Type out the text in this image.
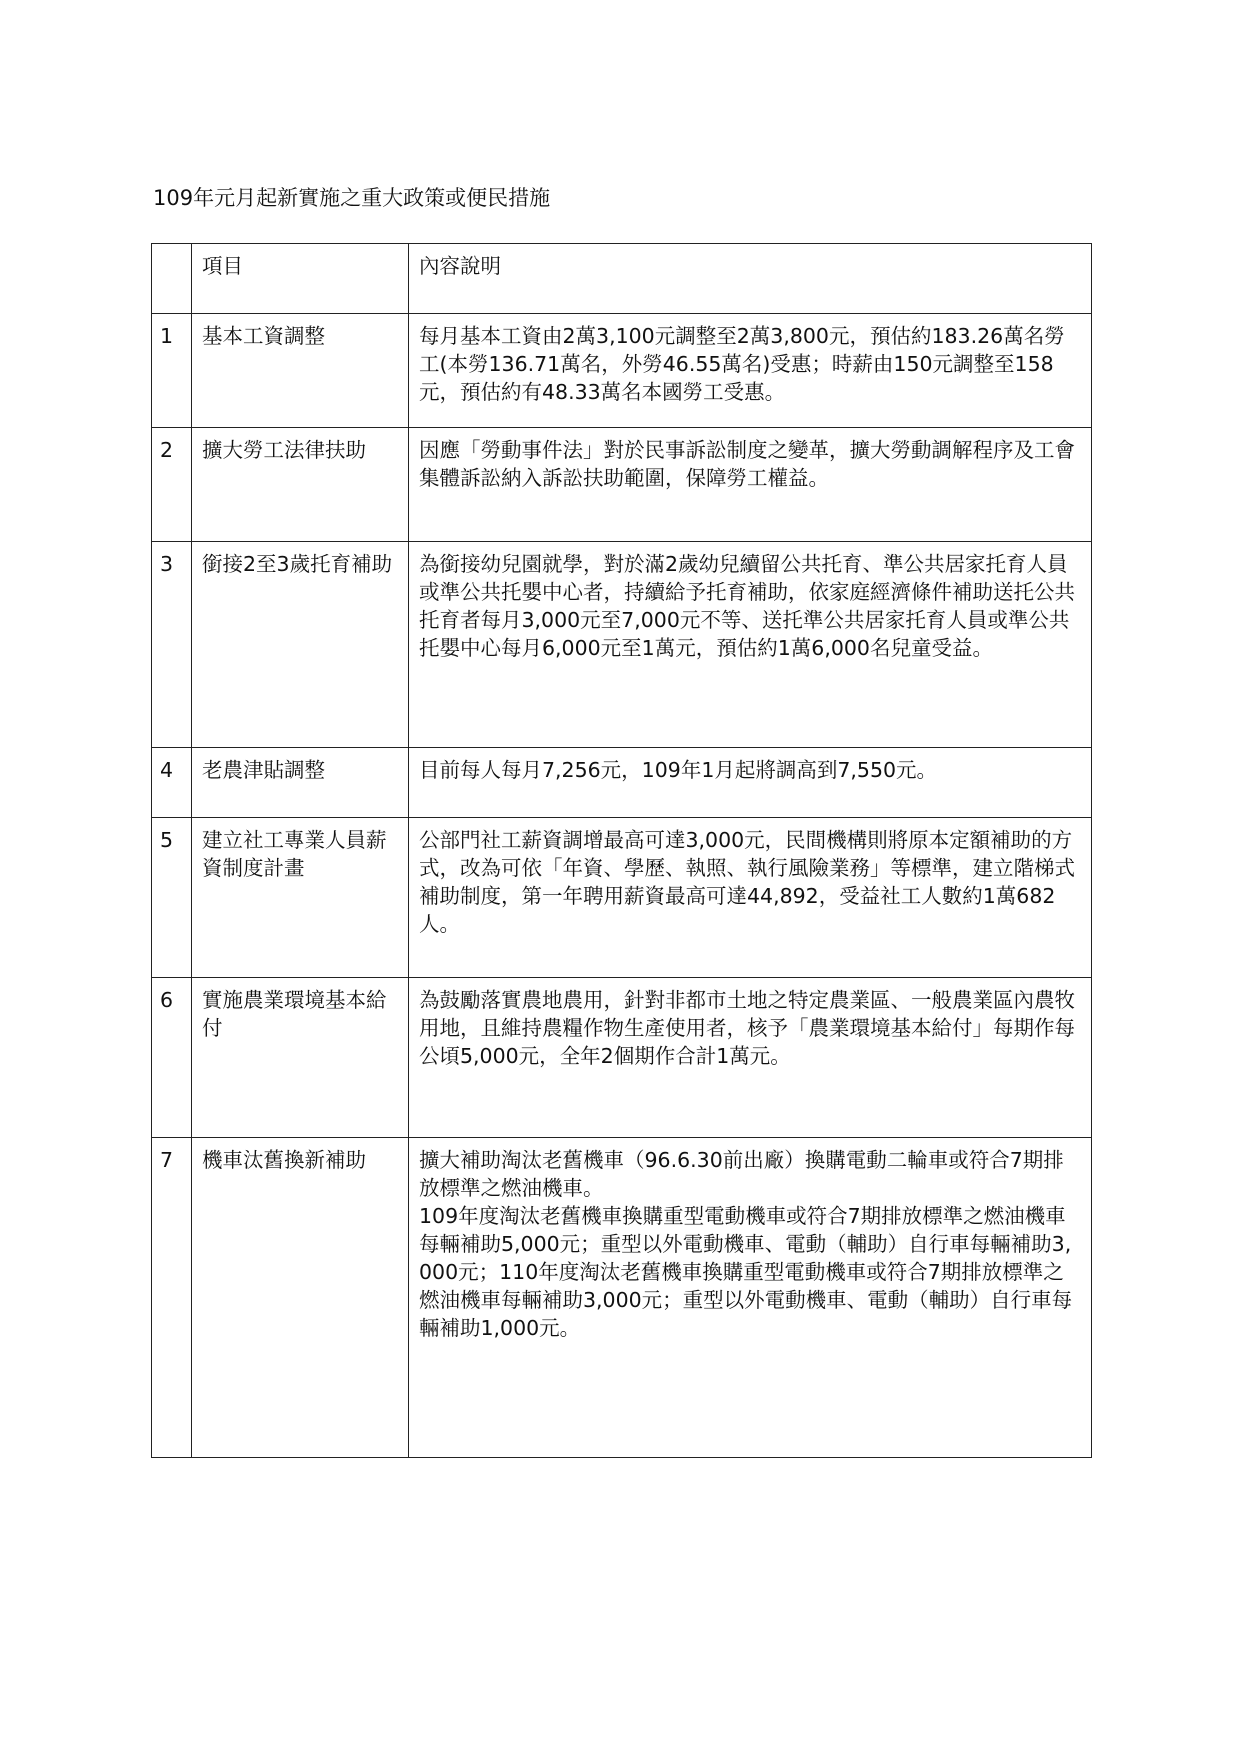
109年元月起新實施之重大政策或便民措施
	項目	內容說明
1	基本工資調整	每月基本工資由2萬3,100元調整至2萬3,800元，預估約183.26萬名勞工(本勞136.71萬名，外勞46.55萬名)受惠；時薪由150元調整至158元，預估約有48.33萬名本國勞工受惠。

2	擴大勞工法律扶助	因應「勞動事件法」對於民事訴訟制度之變革，擴大勞動調解程序及工會集體訴訟納入訴訟扶助範圍，保障勞工權益。

3	銜接2至3歲托育補助	為銜接幼兒園就學，對於滿2歲幼兒續留公共托育、準公共居家托育人員或準公共托嬰中心者，持續給予托育補助，依家庭經濟條件補助送托公共托育者每月3,000元至7,000元不等、送托準公共居家托育人員或準公共托嬰中心每月6,000元至1萬元，預估約1萬6,000名兒童受益。

4	老農津貼調整	目前每人每月7,256元，109年1月起將調高到7,550元。

5	建立社工專業人員薪資制度計畫	公部門社工薪資調增最高可達3,000元，民間機構則將原本定額補助的方式，改為可依「年資、學歷、執照、執行風險業務」等標準，建立階梯式補助制度，第一年聘用薪資最高可達44,892，受益社工人數約1萬682人。

6	實施農業環境基本給付	為鼓勵落實農地農用，針對非都市土地之特定農業區、一般農業區內農牧用地，且維持農糧作物生產使用者，核予「農業環境基本給付」每期作每公頃5,000元，全年2個期作合計1萬元。

7	機車汰舊換新補助	擴大補助淘汰老舊機車（96.6.30前出廠）換購電動二輪車或符合7期排放標準之燃油機車。
109年度淘汰老舊機車換購重型電動機車或符合7期排放標準之燃油機車每輛補助5,000元；重型以外電動機車、電動（輔助）自行車每輛補助3,000元；110年度淘汰老舊機車換購重型電動機車或符合7期排放標準之燃油機車每輛補助3,000元；重型以外電動機車、電動（輔助）自行車每輛補助1,000元。
